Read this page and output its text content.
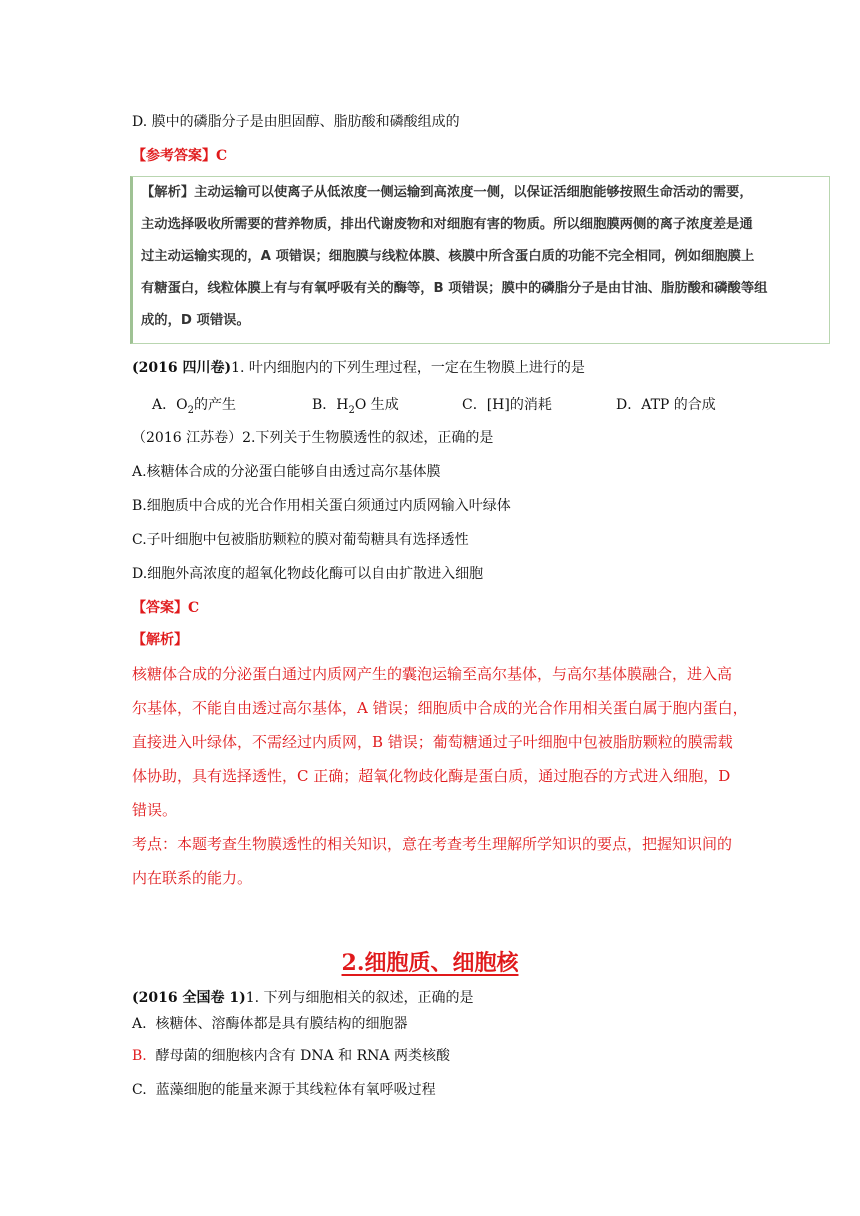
D. 膜中的磷脂分子是由胆固醇、脂肪酸和磷酸组成的
【参考答案】C
【解析】主动运输可以使离子从低浓度一侧运输到高浓度一侧，以保证活细胞能够按照生命活动的需要，
主动选择吸收所需要的营养物质，排出代谢废物和对细胞有害的物质。所以细胞膜两侧的离子浓度差是通
过主动运输实现的，A 项错误；细胞膜与线粒体膜、核膜中所含蛋白质的功能不完全相同，例如细胞膜上
有糖蛋白，线粒体膜上有与有氧呼吸有关的酶等，B 项错误；膜中的磷脂分子是由甘油、脂肪酸和磷酸等组
成的，D 项错误。
(2016 四川卷)1. 叶内细胞内的下列生理过程，一定在生物膜上进行的是
A．$O_2$的产生	B．$H_2O$ 生成	C．[H]的消耗	D．ATP 的合成
（2016 江苏卷）2.下列关于生物膜透性的叙述，正确的是
A.核糖体合成的分泌蛋白能够自由透过高尔基体膜
B.细胞质中合成的光合作用相关蛋白须通过内质网输入叶绿体
C.子叶细胞中包被脂肪颗粒的膜对葡萄糖具有选择透性
D.细胞外高浓度的超氧化物歧化酶可以自由扩散进入细胞
【答案】C
【解析】
核糖体合成的分泌蛋白通过内质网产生的囊泡运输至高尔基体，与高尔基体膜融合，进入高
尔基体，不能自由透过高尔基体，A 错误；细胞质中合成的光合作用相关蛋白属于胞内蛋白，
直接进入叶绿体，不需经过内质网，B 错误；葡萄糖通过子叶细胞中包被脂肪颗粒的膜需载
体协助，具有选择透性，C 正确；超氧化物歧化酶是蛋白质，通过胞吞的方式进入细胞，D
错误。
考点：本题考查生物膜透性的相关知识，意在考查考生理解所学知识的要点，把握知识间的
内在联系的能力。
2.细胞质、细胞核
(2016 全国卷 1)1. 下列与细胞相关的叙述，正确的是
A. 核糖体、溶酶体都是具有膜结构的细胞器
B. 酵母菌的细胞核内含有 DNA 和 RNA 两类核酸
C. 蓝藻细胞的能量来源于其线粒体有氧呼吸过程
